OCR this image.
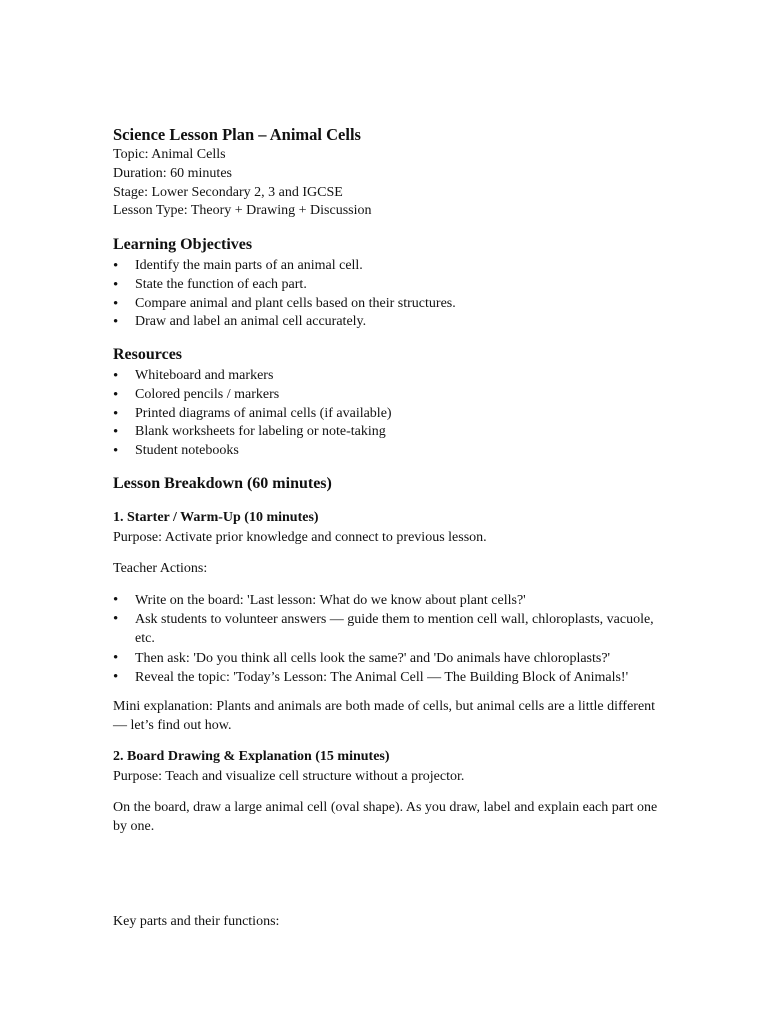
Science Lesson Plan – Animal Cells
Topic: Animal Cells
Duration: 60 minutes
Stage: Lower Secondary 2, 3 and IGCSE
Lesson Type: Theory + Drawing + Discussion
Learning Objectives
• Identify the main parts of an animal cell.
• State the function of each part.
• Compare animal and plant cells based on their structures.
• Draw and label an animal cell accurately.
Resources
• Whiteboard and markers
• Colored pencils / markers
• Printed diagrams of animal cells (if available)
• Blank worksheets for labeling or note-taking
• Student notebooks
Lesson Breakdown (60 minutes)
1. Starter / Warm-Up (10 minutes)

Purpose: Activate prior knowledge and connect to previous lesson.

Teacher Actions:

• Write on the board: 'Last lesson: What do we know about plant cells?'
• Ask students to volunteer answers — guide them to mention cell wall, chloroplasts, vacuole, etc.
• Then ask: 'Do you think all cells look the same?' and 'Do animals have chloroplasts?'
• Reveal the topic: 'Today’s Lesson: The Animal Cell — The Building Block of Animals!'

Mini explanation: Plants and animals are both made of cells, but animal cells are a little different — let’s find out how.

2. Board Drawing & Explanation (15 minutes)

Purpose: Teach and visualize cell structure without a projector.

On the board, draw a large animal cell (oval shape). As you draw, label and explain each part one by one.

Key parts and their functions:
